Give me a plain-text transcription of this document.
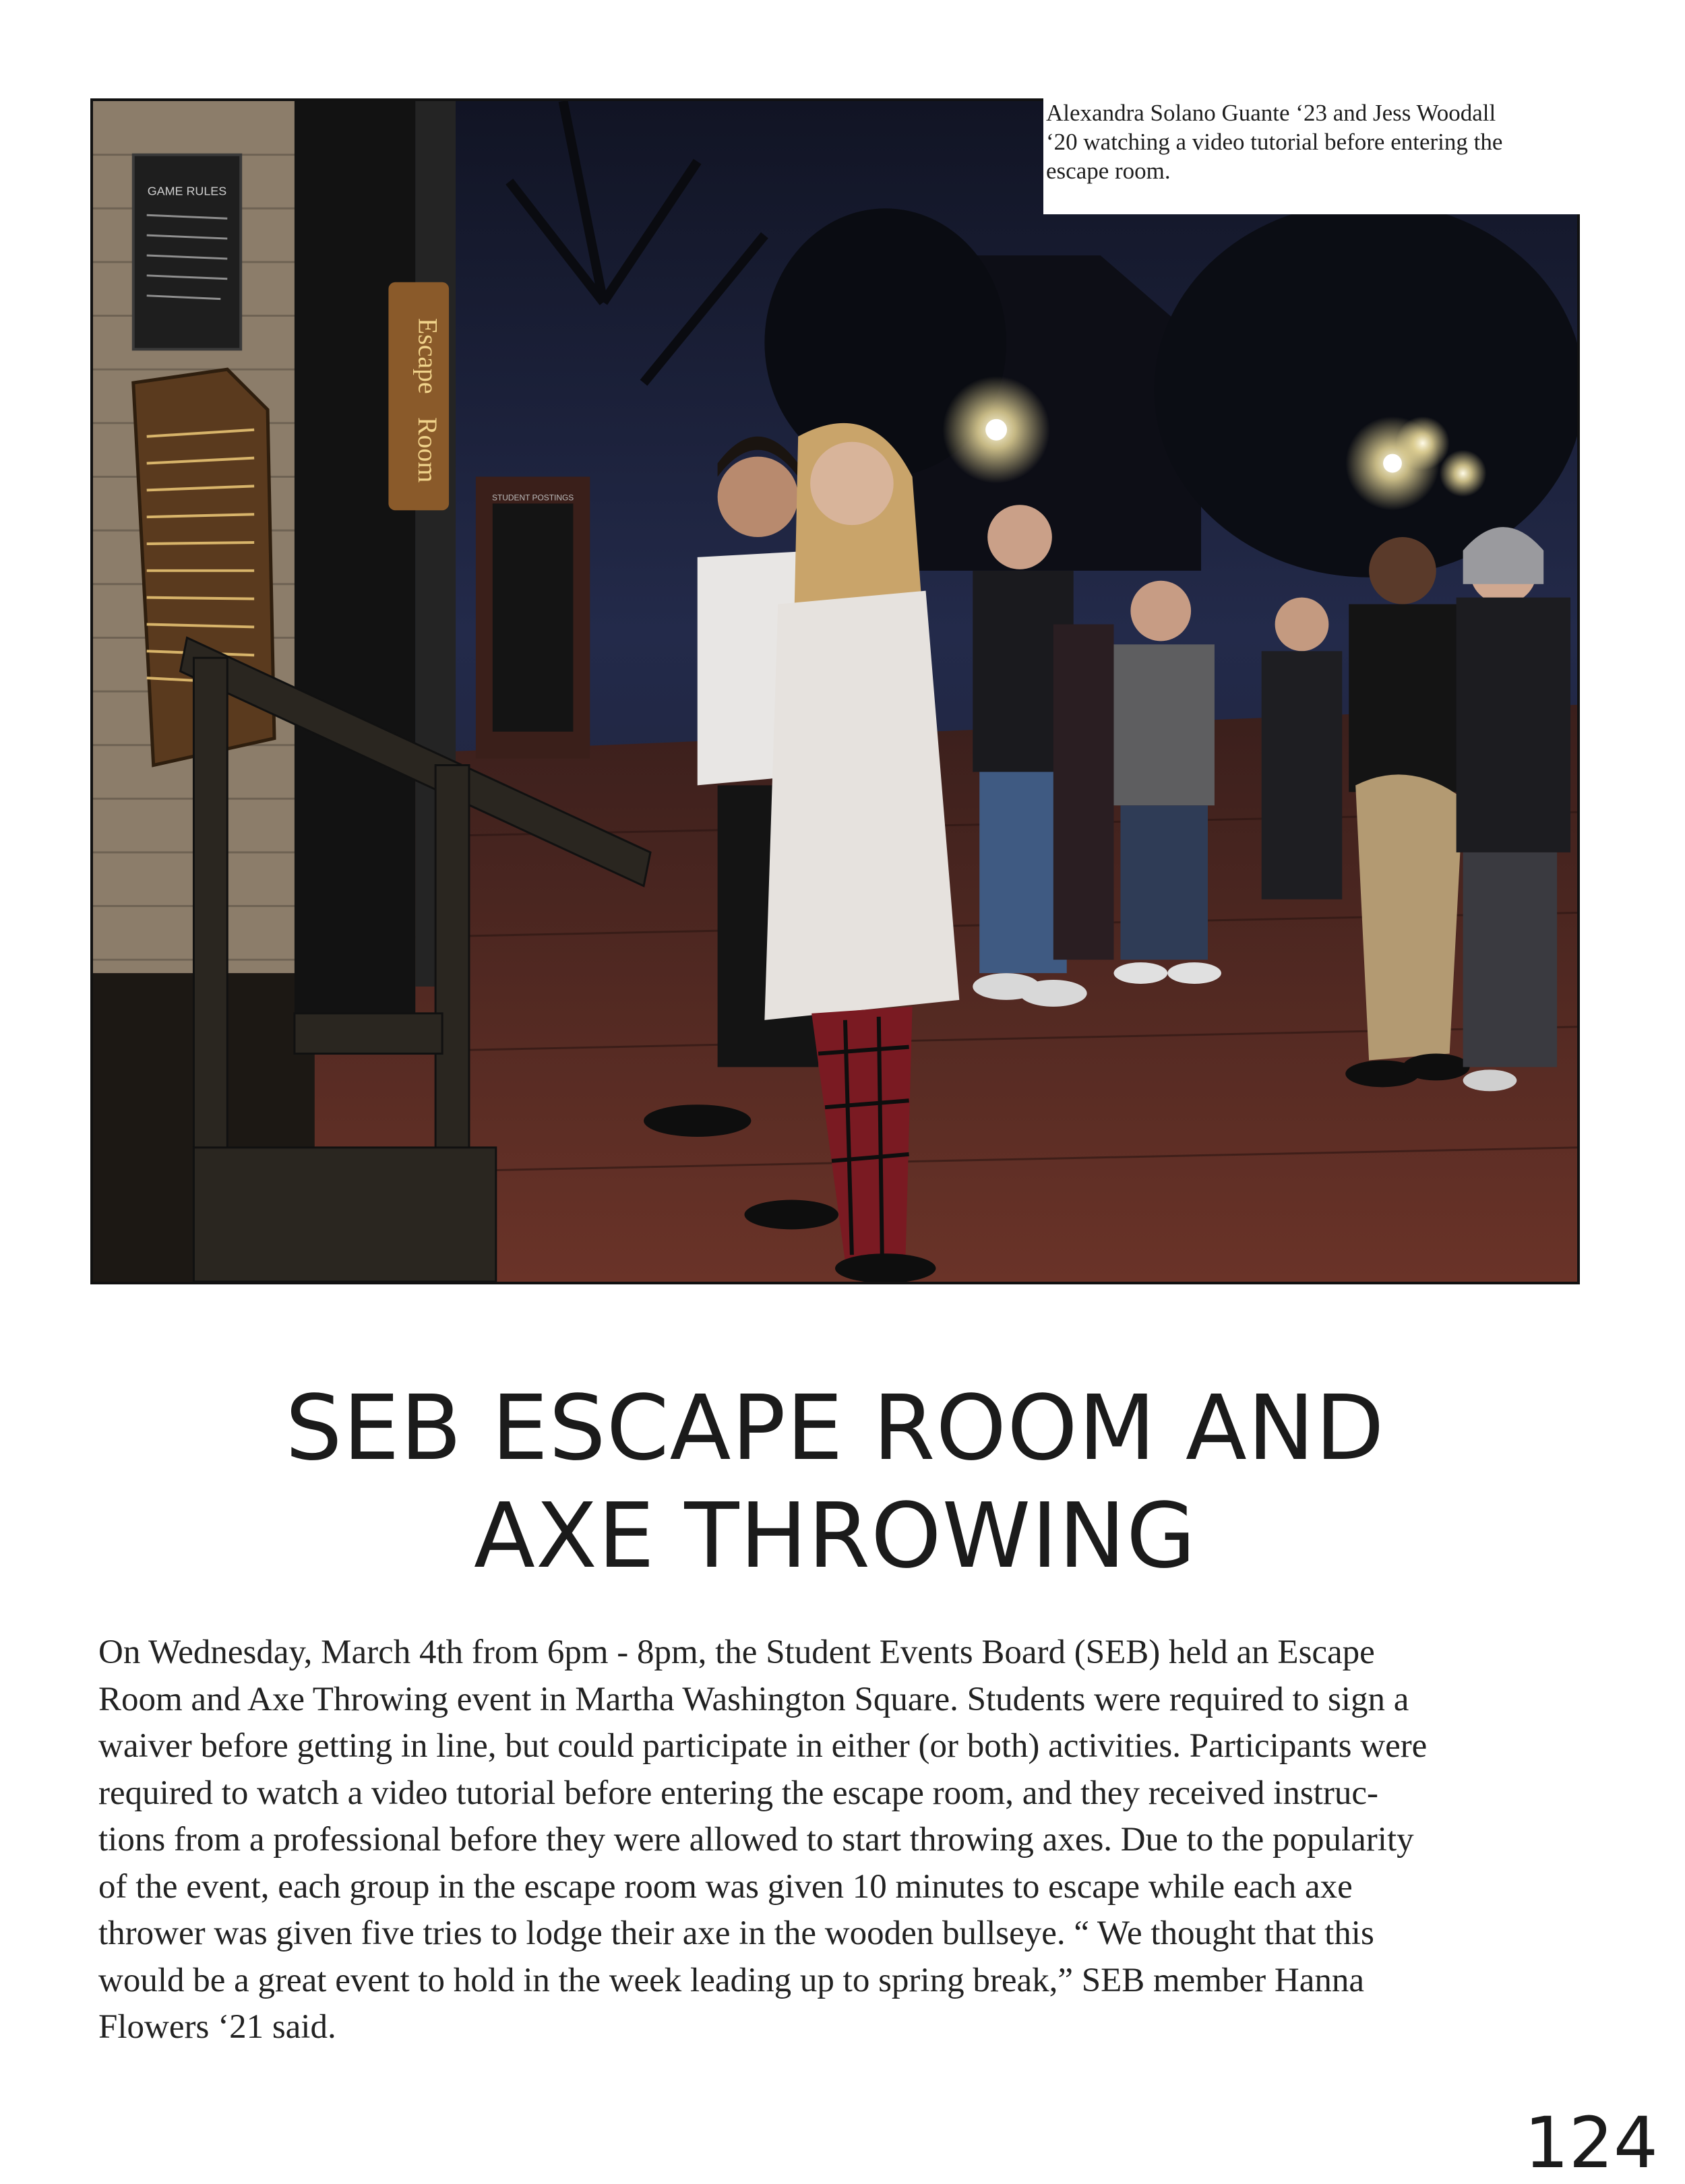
Escape
Room
GAME RULES
STUDENT POSTINGS
Alexandra Solano Guante ‘23 and Jess Woodall
‘20 watching a video tutorial before entering the
escape room.
SEB ESCAPE ROOM AND
AXE THROWING
On Wednesday, March 4th from 6pm - 8pm, the Student Events Board (SEB) held an Escape
Room and Axe Throwing event in Martha Washington Square. Students were required to sign a
waiver before getting in line, but could participate in either (or both) activities. Participants were
required to watch a video tutorial before entering the escape room, and they received instruc-
tions from a professional before they were allowed to start throwing axes. Due to the popularity
of the event, each group in the escape room was given 10 minutes to escape while each axe
thrower was given five tries to lodge their axe in the wooden bullseye. “ We thought that this
would be a great event to hold in the week leading up to spring break,” SEB member Hanna
Flowers ‘21 said.
124
